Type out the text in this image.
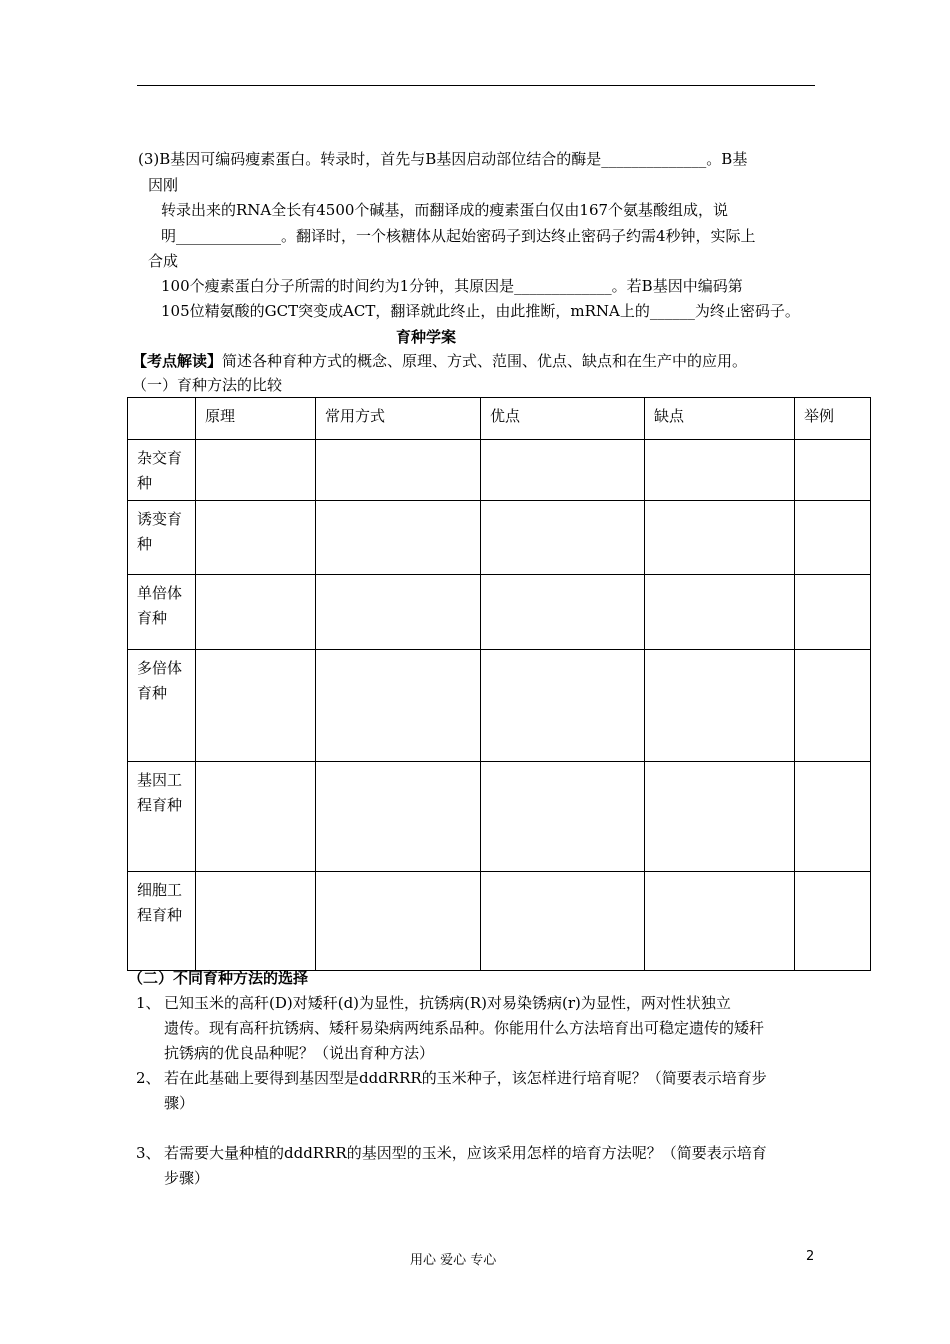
(3)B基因可编码瘦素蛋白。转录时，首先与B基因启动部位结合的酶是______________。B基
因刚
转录出来的RNA全长有4500个碱基，而翻译成的瘦素蛋白仅由167个氨基酸组成，说
明______________。翻译时，一个核糖体从起始密码子到达终止密码子约需4秒钟，实际上
合成
100个瘦素蛋白分子所需的时间约为1分钟，其原因是_____________。若B基因中编码第
105位精氨酸的GCT突变成ACT，翻译就此终止，由此推断，mRNA上的______为终止密码子。
育种学案
【考点解读】简述各种育种方式的概念、原理、方式、范围、优点、缺点和在生产中的应用。
（一）育种方法的比较
	原理	常用方式	优点	缺点	举例
杂交育种					
诱变育种					
单倍体育种					
多倍体育种					
基因工程育种					
细胞工程育种					
（二）不同育种方法的选择
1、 已知玉米的高秆(D)对矮秆(d)为显性，抗锈病(R)对易染锈病(r)为显性，两对性状独立
遗传。现有高秆抗锈病、矮秆易染病两纯系品种。你能用什么方法培育出可稳定遗传的矮秆
抗锈病的优良品种呢？（说出育种方法）
2、 若在此基础上要得到基因型是dddRRR的玉米种子，该怎样进行培育呢？（简要表示培育步
骤）
3、 若需要大量种植的dddRRR的基因型的玉米，应该采用怎样的培育方法呢？（简要表示培育
步骤）
用心 爱心 专心	2
